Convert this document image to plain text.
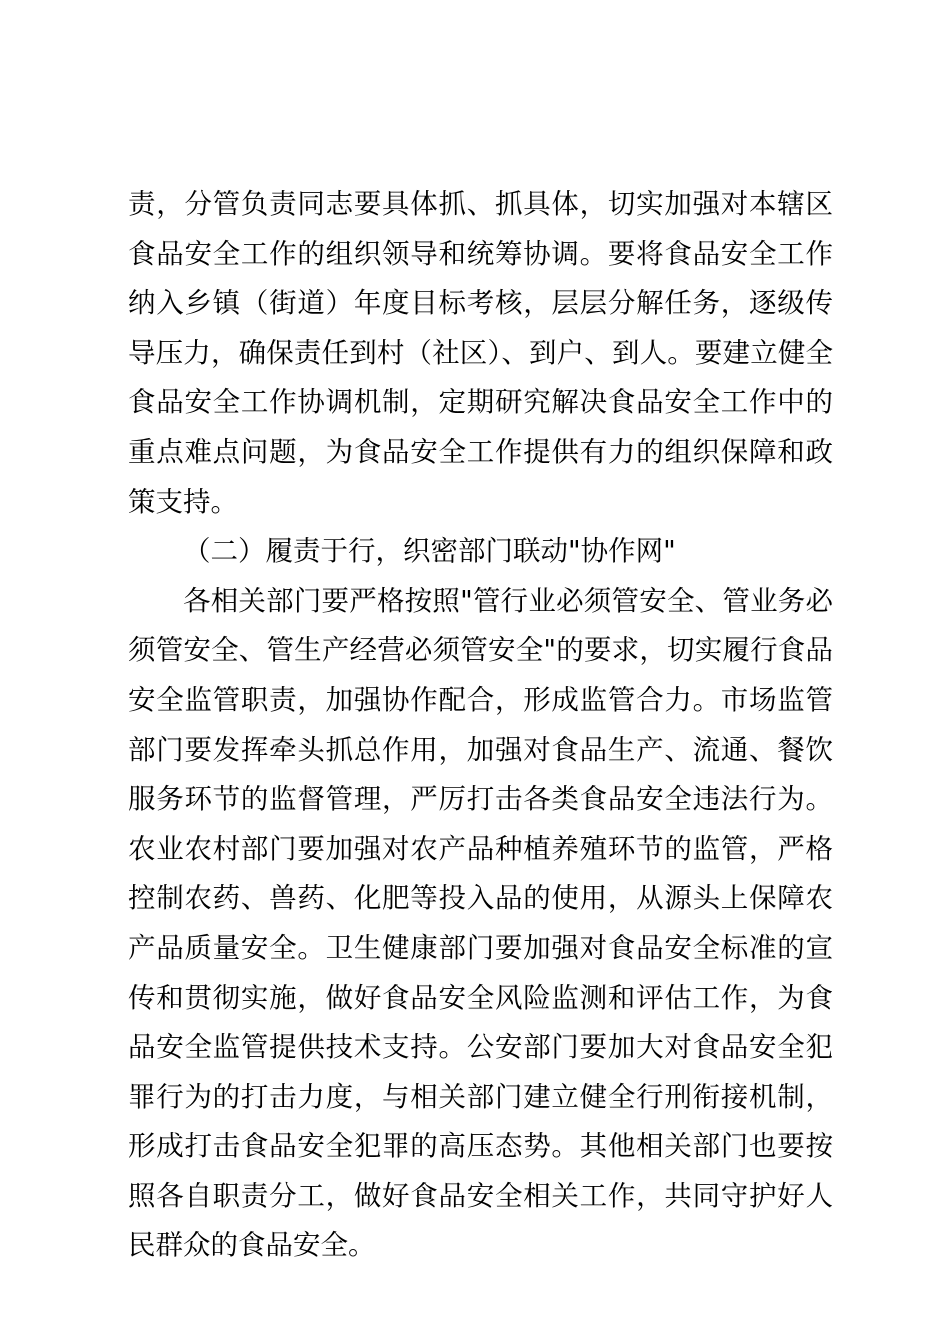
责，分管负责同志要具体抓、抓具体，切实加强对本辖区食品安全工作的组织领导和统筹协调。要将食品安全工作纳入乡镇（街道）年度目标考核，层层分解任务，逐级传导压力，确保责任到村（社区）、到户、到人。要建立健全食品安全工作协调机制，定期研究解决食品安全工作中的重点难点问题，为食品安全工作提供有力的组织保障和政策支持。

（二）履责于行，织密部门联动"协作网"

各相关部门要严格按照"管行业必须管安全、管业务必须管安全、管生产经营必须管安全"的要求，切实履行食品安全监管职责，加强协作配合，形成监管合力。市场监管部门要发挥牵头抓总作用，加强对食品生产、流通、餐饮服务环节的监督管理，严厉打击各类食品安全违法行为。农业农村部门要加强对农产品种植养殖环节的监管，严格控制农药、兽药、化肥等投入品的使用，从源头上保障农产品质量安全。卫生健康部门要加强对食品安全标准的宣传和贯彻实施，做好食品安全风险监测和评估工作，为食品安全监管提供技术支持。公安部门要加大对食品安全犯罪行为的打击力度，与相关部门建立健全行刑衔接机制，形成打击食品安全犯罪的高压态势。其他相关部门也要按照各自职责分工，做好食品安全相关工作，共同守护好人民群众的食品安全。
